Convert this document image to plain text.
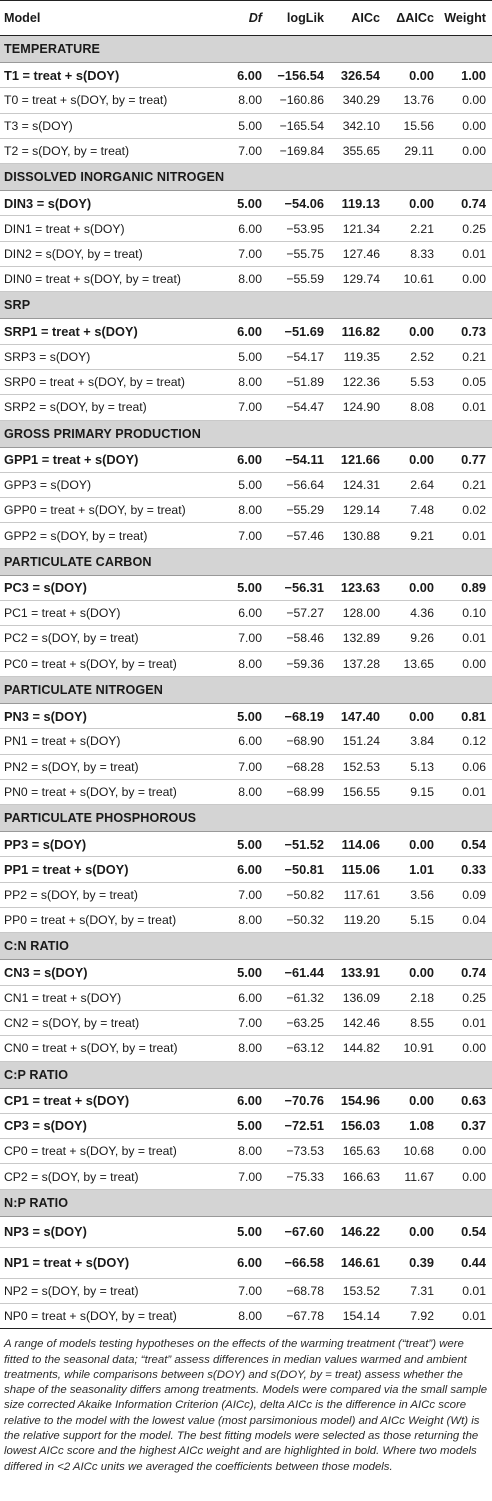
Model	Df	logLik	AICc	ΔAICc	Weight
TEMPERATURE					
T1 = treat + s(DOY)	6.00	−156.54	326.54	0.00	1.00
T0 = treat + s(DOY, by = treat)	8.00	−160.86	340.29	13.76	0.00
T3 = s(DOY)	5.00	−165.54	342.10	15.56	0.00
T2 = s(DOY, by = treat)	7.00	−169.84	355.65	29.11	0.00
DISSOLVED INORGANIC NITROGEN					
DIN3 = s(DOY)	5.00	−54.06	119.13	0.00	0.74
DIN1 = treat + s(DOY)	6.00	−53.95	121.34	2.21	0.25
DIN2 = s(DOY, by = treat)	7.00	−55.75	127.46	8.33	0.01
DIN0 = treat + s(DOY, by = treat)	8.00	−55.59	129.74	10.61	0.00
SRP					
SRP1 = treat + s(DOY)	6.00	−51.69	116.82	0.00	0.73
SRP3 = s(DOY)	5.00	−54.17	119.35	2.52	0.21
SRP0 = treat + s(DOY, by = treat)	8.00	−51.89	122.36	5.53	0.05
SRP2 = s(DOY, by = treat)	7.00	−54.47	124.90	8.08	0.01
GROSS PRIMARY PRODUCTION					
GPP1 = treat + s(DOY)	6.00	−54.11	121.66	0.00	0.77
GPP3 = s(DOY)	5.00	−56.64	124.31	2.64	0.21
GPP0 = treat + s(DOY, by = treat)	8.00	−55.29	129.14	7.48	0.02
GPP2 = s(DOY, by = treat)	7.00	−57.46	130.88	9.21	0.01
PARTICULATE CARBON					
PC3 = s(DOY)	5.00	−56.31	123.63	0.00	0.89
PC1 = treat + s(DOY)	6.00	−57.27	128.00	4.36	0.10
PC2 = s(DOY, by = treat)	7.00	−58.46	132.89	9.26	0.01
PC0 = treat + s(DOY, by = treat)	8.00	−59.36	137.28	13.65	0.00
PARTICULATE NITROGEN					
PN3 = s(DOY)	5.00	−68.19	147.40	0.00	0.81
PN1 = treat + s(DOY)	6.00	−68.90	151.24	3.84	0.12
PN2 = s(DOY, by = treat)	7.00	−68.28	152.53	5.13	0.06
PN0 = treat + s(DOY, by = treat)	8.00	−68.99	156.55	9.15	0.01
PARTICULATE PHOSPHOROUS					
PP3 = s(DOY)	5.00	−51.52	114.06	0.00	0.54
PP1 = treat + s(DOY)	6.00	−50.81	115.06	1.01	0.33
PP2 = s(DOY, by = treat)	7.00	−50.82	117.61	3.56	0.09
PP0 = treat + s(DOY, by = treat)	8.00	−50.32	119.20	5.15	0.04
C:N RATIO					
CN3 = s(DOY)	5.00	−61.44	133.91	0.00	0.74
CN1 = treat + s(DOY)	6.00	−61.32	136.09	2.18	0.25
CN2 = s(DOY, by = treat)	7.00	−63.25	142.46	8.55	0.01
CN0 = treat + s(DOY, by = treat)	8.00	−63.12	144.82	10.91	0.00
C:P RATIO					
CP1 = treat + s(DOY)	6.00	−70.76	154.96	0.00	0.63
CP3 = s(DOY)	5.00	−72.51	156.03	1.08	0.37
CP0 = treat + s(DOY, by = treat)	8.00	−73.53	165.63	10.68	0.00
CP2 = s(DOY, by = treat)	7.00	−75.33	166.63	11.67	0.00
N:P RATIO					
NP3 = s(DOY)	5.00	−67.60	146.22	0.00	0.54
NP1 = treat + s(DOY)	6.00	−66.58	146.61	0.39	0.44
NP2 = s(DOY, by = treat)	7.00	−68.78	153.52	7.31	0.01
NP0 = treat + s(DOY, by = treat)	8.00	−67.78	154.14	7.92	0.01
A range of models testing hypotheses on the effects of the warming treatment (“treat”) were fitted to the seasonal data; “treat” assess differences in median values warmed and ambient treatments, while comparisons between s(DOY) and s(DOY, by = treat) assess whether the shape of the seasonality differs among treatments. Models were compared via the small sample size corrected Akaike Information Criterion (AICc), delta AICc is the difference in AICc score relative to the model with the lowest value (most parsimonious model) and AICc Weight (Wt) is the relative support for the model. The best fitting models were selected as those returning the lowest AICc score and the highest AICc weight and are highlighted in bold. Where two models differed in <2 AICc units we averaged the coefficients between those models.
